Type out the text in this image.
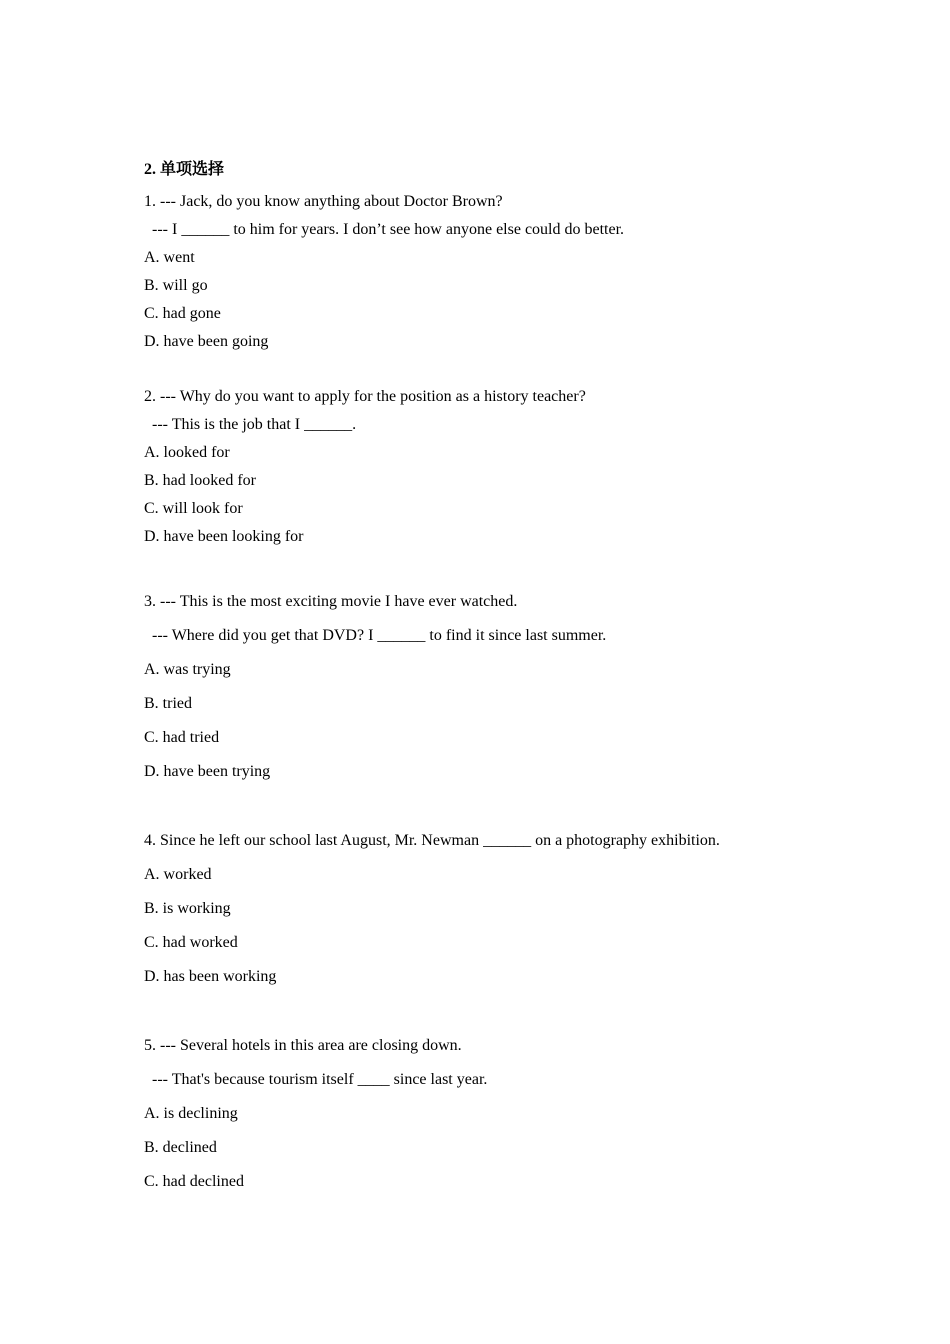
2. 单项选择
1. --- Jack, do you know anything about Doctor Brown?
--- I ______ to him for years. I don’t see how anyone else could do better.
A. went
B. will go
C. had gone
D. have been going
2. --- Why do you want to apply for the position as a history teacher?
--- This is the job that I ______.
A. looked for
B. had looked for
C. will look for
D. have been looking for
3. --- This is the most exciting movie I have ever watched.
--- Where did you get that DVD? I ______ to find it since last summer.
A. was trying
B. tried
C. had tried
D. have been trying
4. Since he left our school last August, Mr. Newman ______ on a photography exhibition.
A. worked
B. is working
C. had worked
D. has been working
5. --- Several hotels in this area are closing down.
--- That's because tourism itself ____ since last year.
A. is declining
B. declined
C. had declined
